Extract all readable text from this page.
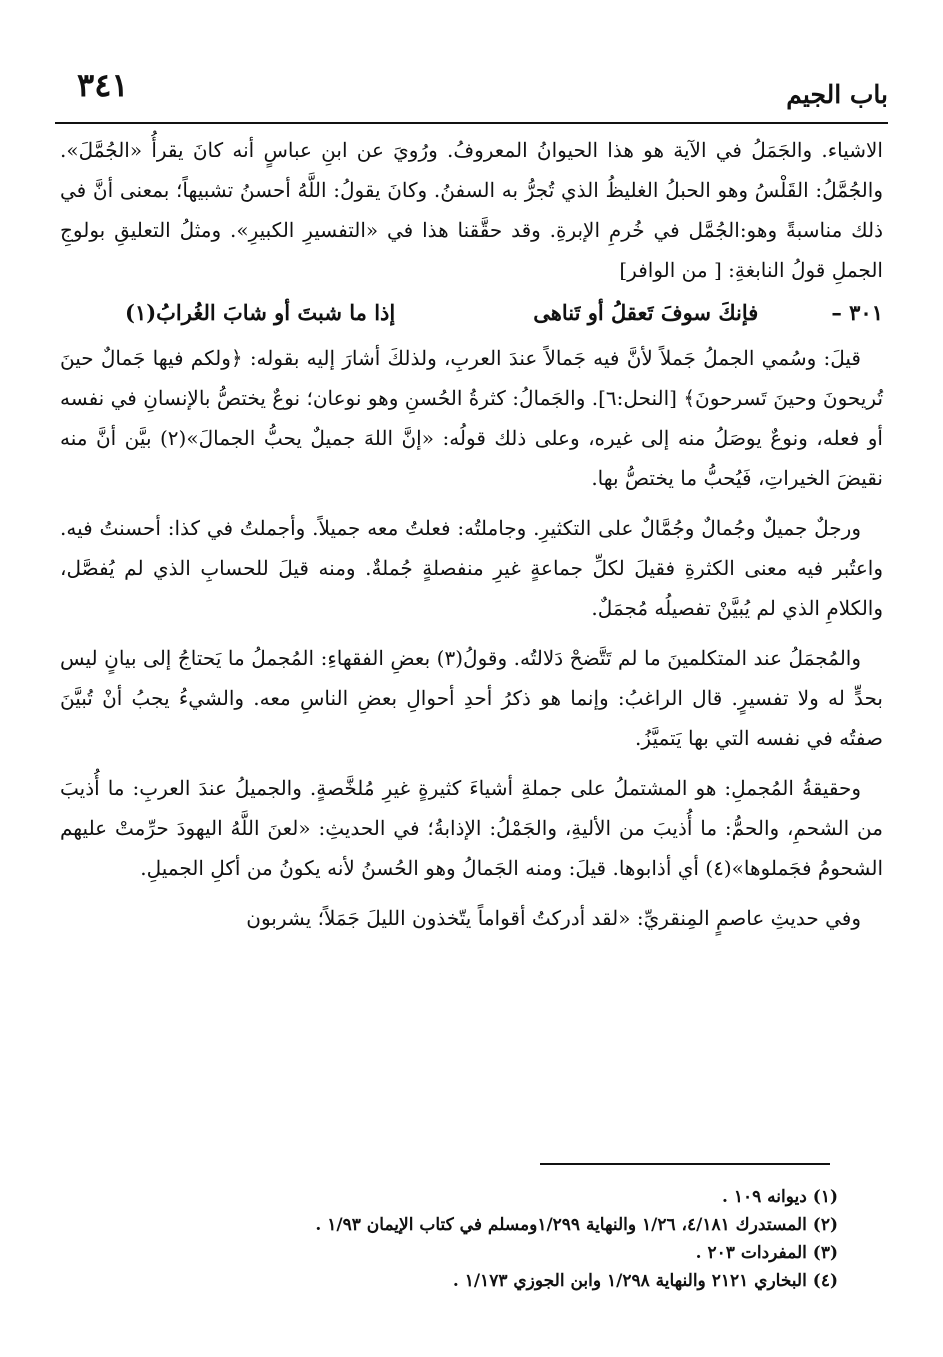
باب الجيم
٣٤١

الاشياء. والجَمَلُ في الآية هو هذا الحيوانُ المعروفُ. ورُويَ عن ابنِ عباسٍ أنه كانَ يقرأُ «الجُمَّلَ». والجُمَّلُ: القَلْسُ وهو الحبلُ الغليظُ الذي تُجرُّ به السفنُ. وكانَ يقولُ: اللَّهُ أحسنُ تشبيهاً؛ بمعنى أنَّ في ذلك مناسبةً وهو:الجُمَّل في خُرمِ الإبرةِ. وقد حقَّقنا هذا في «التفسيرِ الكبيرِ». ومثلُ التعليقِ بولوجِ الجملِ قولُ النابغةِ: [ من الوافر]

٣٠١ –
فإنكَ سوفَ تَعقلُ أو تَناهى
إذا ما شبتَ أو شابَ الغُرابُ(١)

قيلَ: وسُمي الجملُ جَملاً لأنَّ فيه جَمالاً عندَ العربِ، ولذلكَ أشارَ إليه بقوله: ﴿ولكم فيها جَمالٌ حينَ تُريحونَ وحينَ تَسرحونَ﴾ [النحل:٦]. والجَمالُ: كثرةُ الحُسنِ وهو نوعان؛ نوعٌ يختصُّ بالإنسانِ في نفسه أو فعله، ونوعٌ يوصَلُ منه إلى غيره، وعلى ذلك قولُه: «إنَّ اللهَ جميلٌ يحبُّ الجمالَ»(٢) بيَّن أنَّ منه نقيضَ الخيراتِ، فَيُحبُّ ما يختصُّ بها.

ورجلٌ جميلٌ وجُمالٌ وجُمَّالٌ على التكثيرِ. وجاملتُه: فعلتُ معه جميلاً. وأجملتُ في كذا: أحسنتُ فيه. واعتُبر فيه معنى الكثرةِ فقيلَ لكلِّ جماعةٍ غيرِ منفصلةٍ جُملةٌ. ومنه قيلَ للحسابِ الذي لم يُفصَّل، والكلامِ الذي لم يُبيَّنْ تفصيلُه مُجمَلٌ.

والمُجمَلُ عند المتكلمينَ ما لم تَتَّضحْ دَلالتُه. وقولُ(٣) بعضِ الفقهاءِ: المُجملُ ما يَحتاجُ إلى بيانٍ ليس بحدٍّ له ولا تفسيرٍ. قال الراغبُ: وإنما هو ذكرُ أحدِ أحوالِ بعضِ الناسِ معه. والشيءُ يجبُ أنْ تُبيَّنَ صفتُه في نفسه التي بها يَتميَّزُ.

وحقيقةُ المُجملِ: هو المشتملُ على جملةِ أشياءَ كثيرةٍ غيرِ مُلخَّصةٍ. والجميلُ عندَ العربِ: ما أُذيبَ من الشحمِ، والحمُّ: ما أُذيبَ من الأليةِ، والجَمْلُ: الإذابةُ؛ في الحديثِ: «لعنَ اللَّهُ اليهودَ حرِّمتْ عليهم الشحومُ فجَملوها»(٤) أي أذابوها. قيلَ: ومنه الجَمالُ وهو الحُسنُ لأنه يكونُ من أكلِ الجميلِ.

وفي حديثِ عاصمٍ المِنقريِّ: «لقد أدركتُ أقواماً يتّخذون الليلَ جَمَلاً؛ يشربون

(١) ديوانه ١٠٩ .

(٢) المستدرك ٤/١٨١، ١/٢٦ والنهاية ١/٢٩٩ومسلم في كتاب الإيمان ١/٩٣ .

(٣) المفردات ٢٠٣ .

(٤) البخاري ٢١٢١ والنهاية ١/٢٩٨ وابن الجوزي ١/١٧٣ .
